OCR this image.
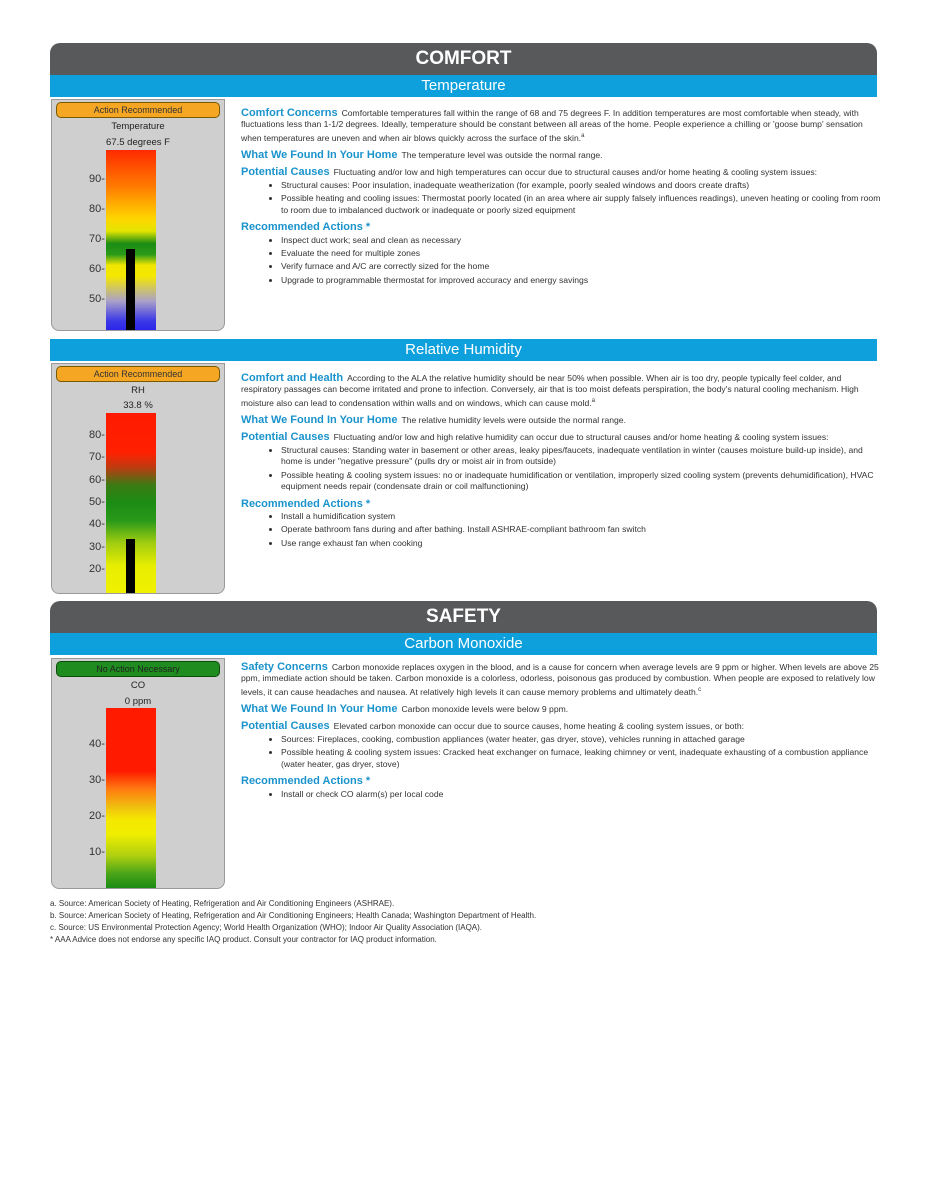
COMFORT
Temperature
Action Recommended
Temperature
67.5 degrees F
90-
80-
70-
60-
50-

Comfort Concerns Comfortable temperatures fall within the range of 68 and 75 degrees F. In addition temperatures are most comfortable when steady, with fluctuations less than 1-1/2 degrees. Ideally, temperature should be constant between all areas of the home. People experience a chilling or 'goose bump' sensation when temperatures are uneven and when air blows quickly across the surface of the skin.$^a$

What We Found In Your Home The temperature level was outside the normal range.

Potential Causes Fluctuating and/or low and high temperatures can occur due to structural causes and/or home heating & cooling system issues:

• Structural causes: Poor insulation, inadequate weatherization (for example, poorly sealed windows and doors create drafts)
• Possible heating and cooling issues: Thermostat poorly located (in an area where air supply falsely influences readings), uneven heating or cooling from room to room due to imbalanced ductwork or inadequate or poorly sized equipment

Recommended Actions *

• Inspect duct work; seal and clean as necessary
• Evaluate the need for multiple zones
• Verify furnace and A/C are correctly sized for the home
• Upgrade to programmable thermostat for improved accuracy and energy savings
Relative Humidity
Action Recommended
RH
33.8 %
80-
70-
60-
50-
40-
30-
20-

Comfort and Health According to the ALA the relative humidity should be near 50% when possible. When air is too dry, people typically feel colder, and respiratory passages can become irritated and prone to infection. Conversely, air that is too moist defeats perspiration, the body's natural cooling mechanism. High moisture also can lead to condensation within walls and on windows, which can cause mold.$^a$

What We Found In Your Home The relative humidity levels were outside the normal range.

Potential Causes Fluctuating and/or low and high relative humidity can occur due to structural causes and/or home heating & cooling system issues:

• Structural causes: Standing water in basement or other areas, leaky pipes/faucets, inadequate ventilation in winter (causes moisture build-up inside), and home is under "negative pressure" (pulls dry or moist air in from outside)
• Possible heating & cooling system issues: no or inadequate humidification or ventilation, improperly sized cooling system (prevents dehumidification), HVAC equipment needs repair (condensate drain or coil malfunctioning)

Recommended Actions *

• Install a humidification system
• Operate bathroom fans during and after bathing. Install ASHRAE-compliant bathroom fan switch
• Use range exhaust fan when cooking
SAFETY
Carbon Monoxide
No Action Necessary
CO
0 ppm
40-
30-
20-
10-

Safety Concerns Carbon monoxide replaces oxygen in the blood, and is a cause for concern when average levels are 9 ppm or higher. When levels are above 25 ppm, immediate action should be taken. Carbon monoxide is a colorless, odorless, poisonous gas produced by combustion. When people are exposed to relatively low levels, it can cause headaches and nausea. At relatively high levels it can cause memory problems and ultimately death.$^c$

What We Found In Your Home Carbon monoxide levels were below 9 ppm.

Potential Causes Elevated carbon monoxide can occur due to source causes, home heating & cooling system issues, or both:

• Sources: Fireplaces, cooking, combustion appliances (water heater, gas dryer, stove), vehicles running in attached garage
• Possible heating & cooling system issues: Cracked heat exchanger on furnace, leaking chimney or vent, inadequate exhausting of a combustion appliance (water heater, gas dryer, stove)

Recommended Actions *

• Install or check CO alarm(s) per local code
a. Source: American Society of Heating, Refrigeration and Air Conditioning Engineers (ASHRAE).
b. Source: American Society of Heating, Refrigeration and Air Conditioning Engineers; Health Canada; Washington Department of Health.
c. Source: US Environmental Protection Agency; World Health Organization (WHO); Indoor Air Quality Association (IAQA).
* AAA Advice does not endorse any specific IAQ product. Consult your contractor for IAQ product information.
